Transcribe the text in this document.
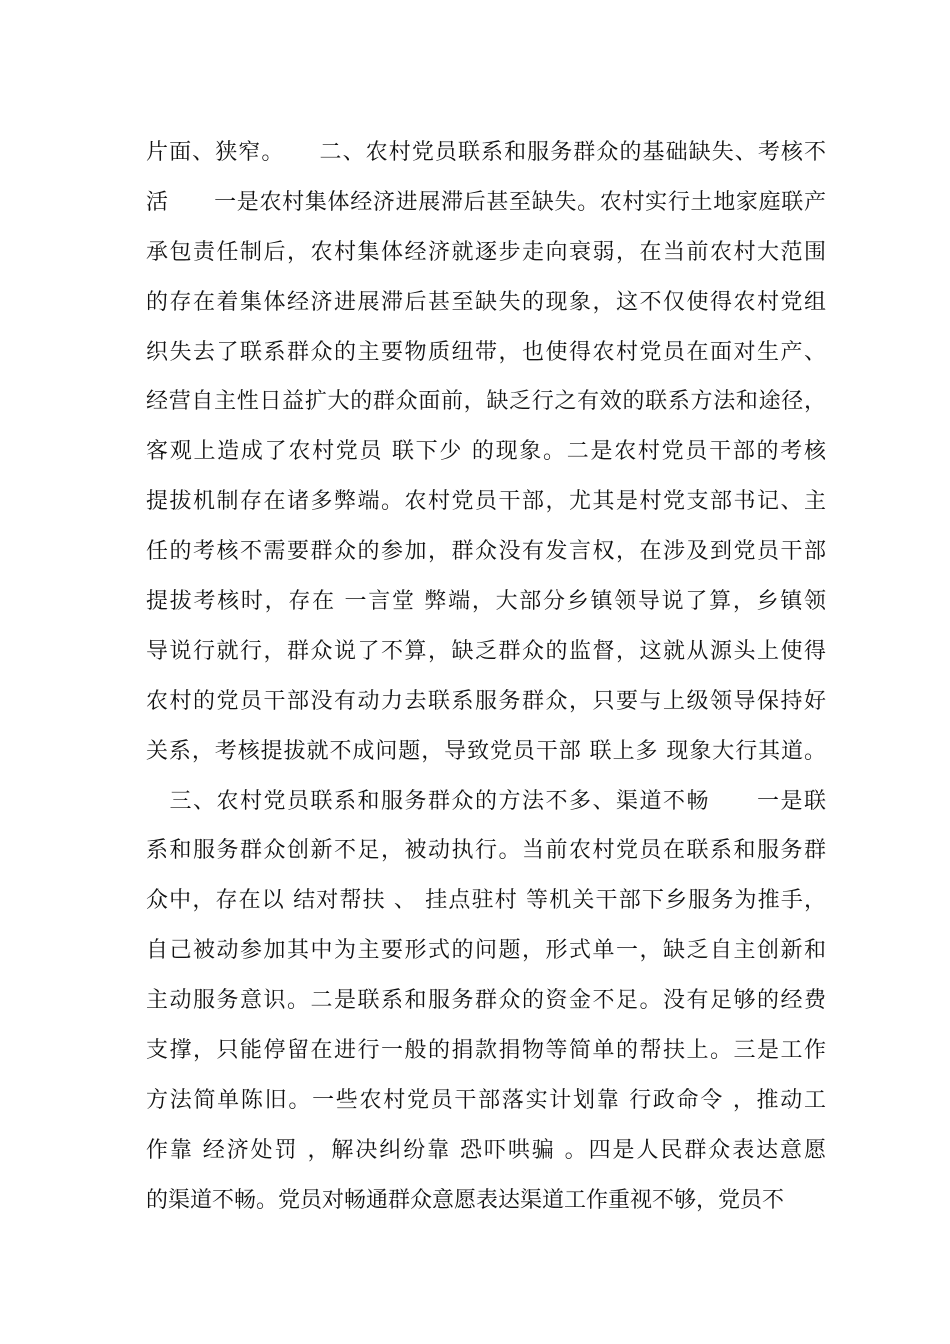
片面、狭窄。　　二、农村党员联系和服务群众的基础缺失、考核不
活　　一是农村集体经济进展滞后甚至缺失。农村实行土地家庭联产
承包责任制后，农村集体经济就逐步走向衰弱，在当前农村大范围
的存在着集体经济进展滞后甚至缺失的现象，这不仅使得农村党组
织失去了联系群众的主要物质纽带，也使得农村党员在面对生产、
经营自主性日益扩大的群众面前，缺乏行之有效的联系方法和途径，
客观上造成了农村党员 联下少 的现象。二是农村党员干部的考核
提拔机制存在诸多弊端。农村党员干部，尤其是村党支部书记、主
任的考核不需要群众的参加，群众没有发言权，在涉及到党员干部
提拔考核时，存在 一言堂 弊端，大部分乡镇领导说了算，乡镇领
导说行就行，群众说了不算，缺乏群众的监督，这就从源头上使得
农村的党员干部没有动力去联系服务群众，只要与上级领导保持好
关系，考核提拔就不成问题，导致党员干部 联上多 现象大行其道。
　三、农村党员联系和服务群众的方法不多、渠道不畅　　一是联
系和服务群众创新不足，被动执行。当前农村党员在联系和服务群
众中，存在以 结对帮扶 、 挂点驻村 等机关干部下乡服务为推手，
自己被动参加其中为主要形式的问题，形式单一，缺乏自主创新和
主动服务意识。二是联系和服务群众的资金不足。没有足够的经费
支撑，只能停留在进行一般的捐款捐物等简单的帮扶上。三是工作
方法简单陈旧。一些农村党员干部落实计划靠 行政命令 ，推动工
作靠 经济处罚 ，解决纠纷靠 恐吓哄骗 。四是人民群众表达意愿
的渠道不畅。党员对畅通群众意愿表达渠道工作重视不够，党员不
